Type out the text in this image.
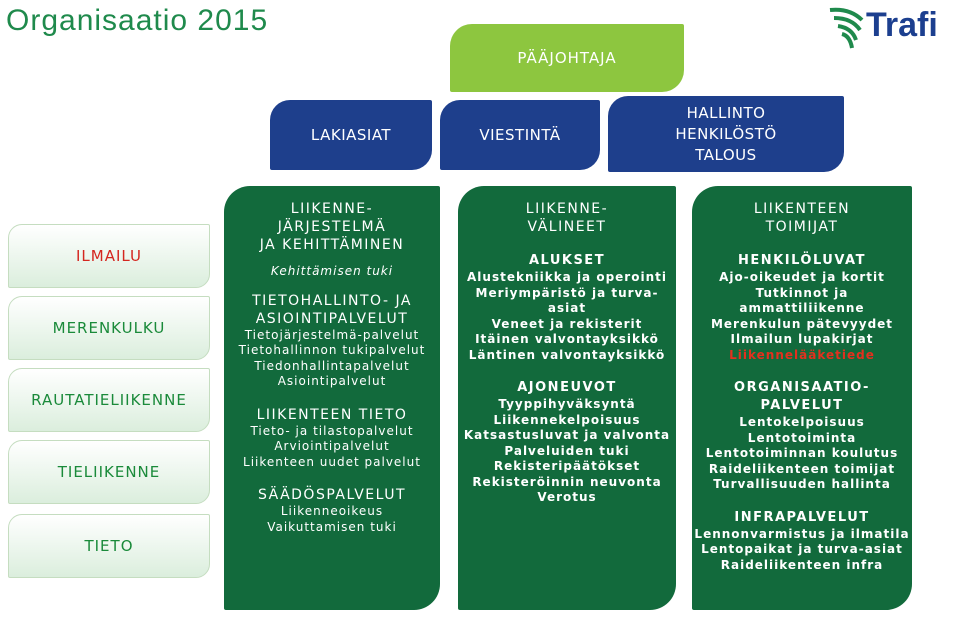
Organisaatio 2015	Trafi
PÄÄJOHTAJA
LAKIASIAT	VIESTINTÄ
HALLINTO
HENKILÖSTÖ
TALOUS
ILMAILU
MERENKULKU
RAUTATIELIIKENNE
TIELIIKENNE
TIETO
LIIKENNE-
JÄRJESTELMÄ
JA KEHITTÄMINEN
Kehittämisen tuki
TIETOHALLINTO- JA
ASIOINTIPALVELUT
Tietojärjestelmä-palvelut
Tietohallinnon tukipalvelut
Tiedonhallintapalvelut
Asiointipalvelut
LIIKENTEEN TIETO
Tieto- ja tilastopalvelut
Arviointipalvelut
Liikenteen uudet palvelut
SÄÄDÖSPALVELUT
Liikenneoikeus
Vaikuttamisen tuki
LIIKENNE-
VÄLINEET
ALUKSET
Alustekniikka ja operointi
Meriympäristö ja turva-
asiat
Veneet ja rekisterit
Itäinen valvontayksikkö
Läntinen valvontayksikkö
AJONEUVOT
Tyyppihyväksyntä
Liikennekelpoisuus
Katsastusluvat ja valvonta
Palveluiden tuki
Rekisteripäätökset
Rekisteröinnin neuvonta
Verotus
LIIKENTEEN
TOIMIJAT
HENKILÖLUVAT
Ajo-oikeudet ja kortit
Tutkinnot ja
ammattiliikenne
Merenkulun pätevyydet
Ilmailun lupakirjat
Liikennelääketiede
ORGANISAATIO-
PALVELUT
Lentokelpoisuus
Lentotoiminta
Lentotoiminnan koulutus
Raideliikenteen toimijat
Turvallisuuden hallinta
INFRAPALVELUT
Lennonvarmistus ja ilmatila
Lentopaikat ja turva-asiat
Raideliikenteen infra
